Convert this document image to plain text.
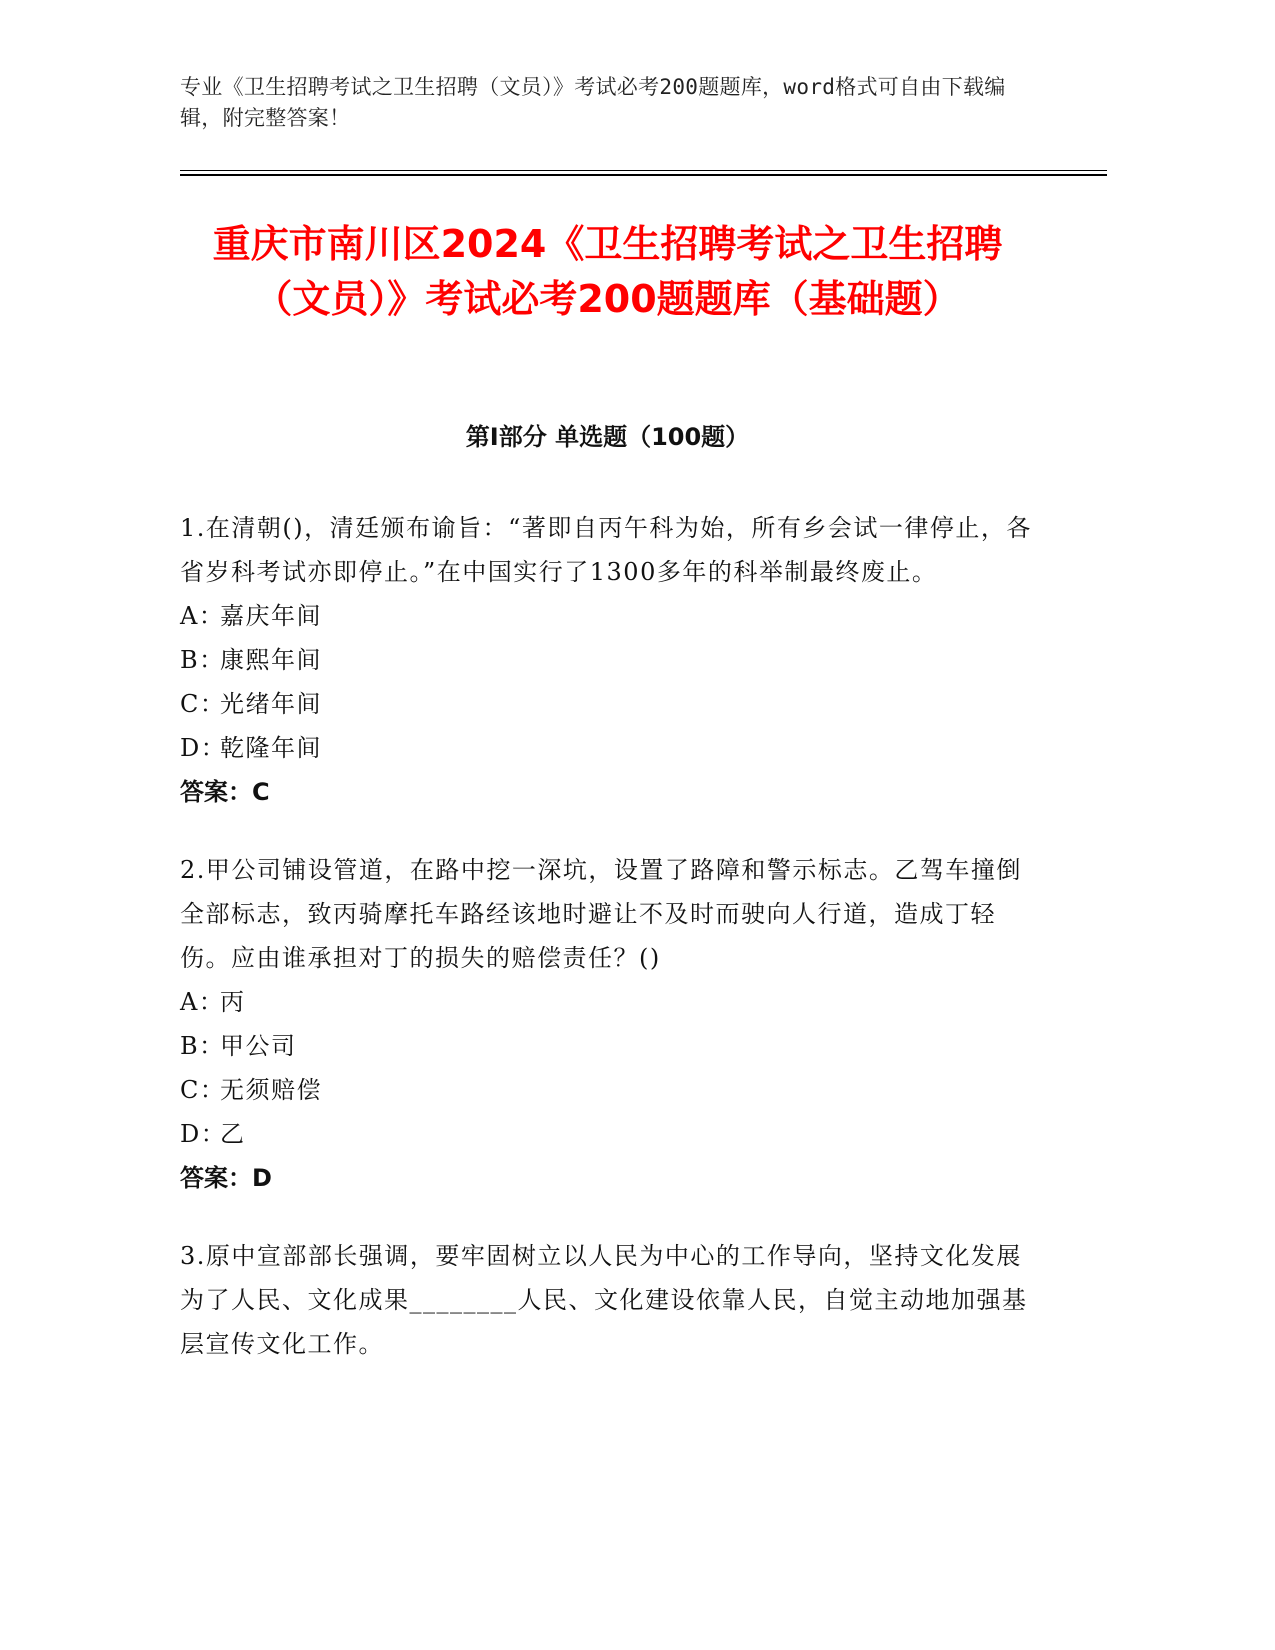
专业《卫生招聘考试之卫生招聘（文员）》考试必考200题题库，word格式可自由下载编辑，附完整答案！
重庆市南川区2024《卫生招聘考试之卫生招聘（文员）》考试必考200题题库（基础题）
第Ⅰ部分 单选题（100题）

1.在清朝()，清廷颁布谕旨：“著即自丙午科为始，所有乡会试一律停止，各省岁科考试亦即停止。”在中国实行了1300多年的科举制最终废止。

A：
嘉庆年间

B：
康熙年间

C：
光绪年间

D：
乾隆年间

答案：C

2.甲公司铺设管道，在路中挖一深坑，设置了路障和警示标志。乙驾车撞倒全部标志，致丙骑摩托车路经该地时避让不及时而驶向人行道，造成丁轻伤。应由谁承担对丁的损失的赔偿责任？()

A：
丙

B：
甲公司

C：
无须赔偿

D：
乙

答案：D

3.原中宣部部长强调，要牢固树立以人民为中心的工作导向，坚持文化发展为了人民、文化成果________人民、文化建设依靠人民，自觉主动地加强基层宣传文化工作。
